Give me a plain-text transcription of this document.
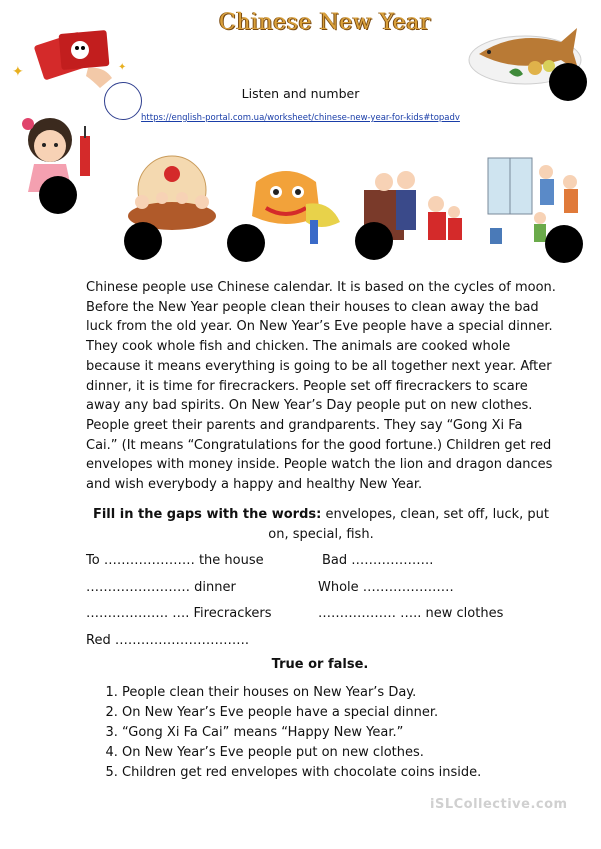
Chinese New Year
✦	✦
Listen and number
https://english-portal.com.ua/worksheet/chinese-new-year-for-kids#topadv
Chinese people use Chinese calendar. It is based on the cycles of moon. Before the New Year people clean their houses to clean away the bad luck from the old year. On New Year’s Eve people have a special dinner. They cook whole fish and chicken. The animals are cooked whole because it means everything is going to be all together next year. After dinner, it is time for firecrackers. People set off firecrackers to scare away any bad spirits. On New Year’s Day people put on new clothes. People greet their parents and grandparents. They say “Gong Xi Fa Cai.” (It means “Congratulations for the good fortune.) Children get red envelopes with money inside. People watch the lion and dragon dances and wish everybody a happy and healthy New Year.
Fill in the gaps with the words: envelopes, clean, set off, luck, put on, special, fish.
To ………………… the house	Bad ……………….
…………………… dinner	Whole …………………
………………. …. Firecrackers	……………… ….. new clothes
Red ………………………….
True or false.
1. People clean their houses on New Year’s Day.
2. On New Year’s Eve people have a special dinner.
3. “Gong Xi Fa Cai” means “Happy New Year.”
4. On New Year’s Eve people put on new clothes.
5. Children get red envelopes with chocolate coins inside.
iSLCollective.com
